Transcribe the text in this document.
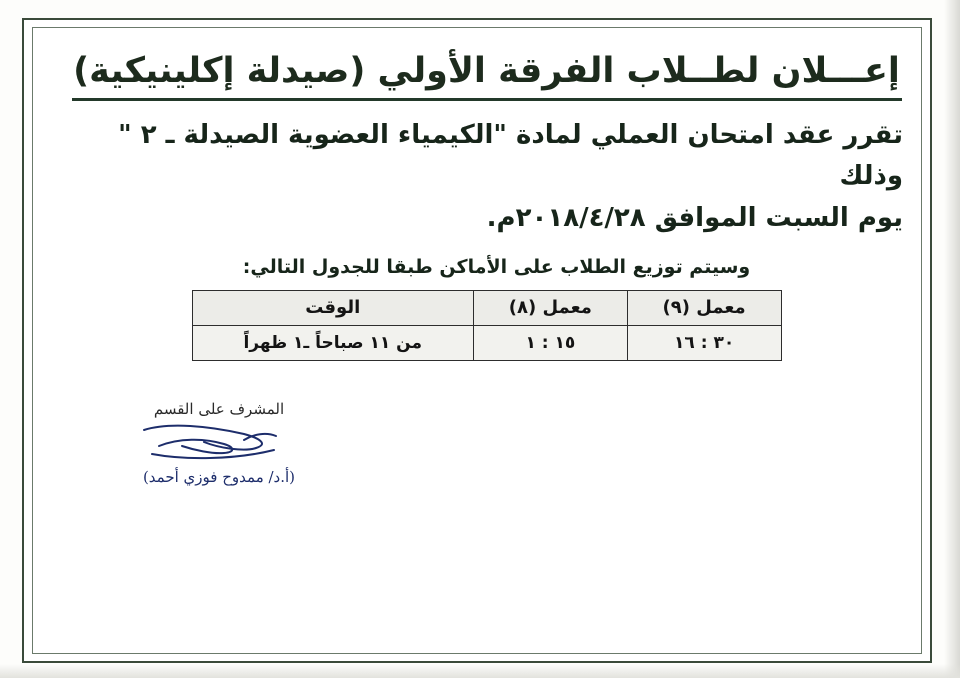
إعـــلان لطــلاب الفرقة الأولي (صيدلة إكلينيكية)

تقرر عقد امتحان العملي لمادة "الكيمياء العضوية الصيدلة ـ ٢ " وذلك
يوم السبت الموافق ٢٠١٨/٤/٢٨م.

وسيتم توزيع الطلاب على الأماكن طبقا للجدول التالي:

معمل (٩)	معمل (٨)	الوقت
٣٠ : ١٦	١٥ : ١	من ١١ صباحاً ـ١ ظهراً
المشرف على القسم
(أ.د/ ممدوح فوزي أحمد)
